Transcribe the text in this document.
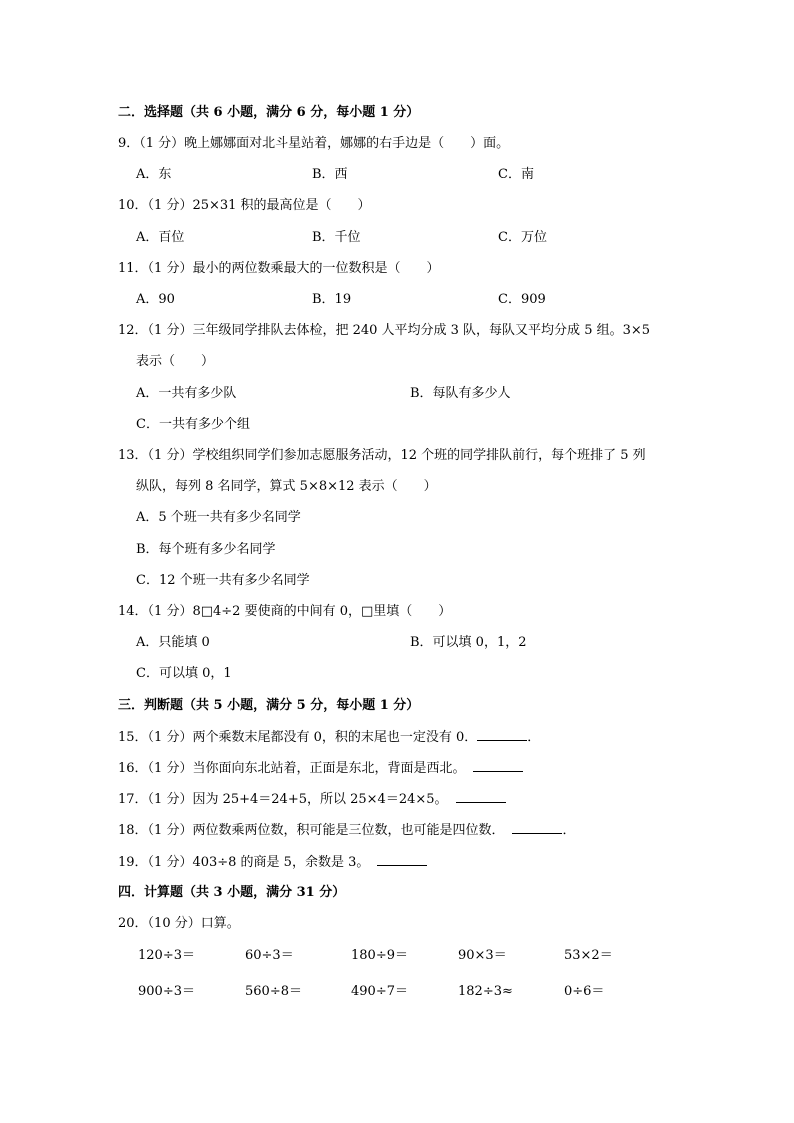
二．选择题（共 6 小题，满分 6 分，每小题 1 分）
9．（1 分）晚上娜娜面对北斗星站着，娜娜的右手边是（　　）面。
A．东	B．西	C．南
10．（1 分）25×31 积的最高位是（　　）
A．百位	B．千位	C．万位
11．（1 分）最小的两位数乘最大的一位数积是（　　）
A．90	B．19	C．909
12．（1 分）三年级同学排队去体检，把 240 人平均分成 3 队，每队又平均分成 5 组。3×5
表示（　　）
A．一共有多少队	B．每队有多少人
C．一共有多少个组
13．（1 分）学校组织同学们参加志愿服务活动，12 个班的同学排队前行，每个班排了 5 列
纵队，每列 8 名同学，算式 5×8×12 表示（　　）
A．5 个班一共有多少名同学
B．每个班有多少名同学
C．12 个班一共有多少名同学
14．（1 分）8□4÷2 要使商的中间有 0，□里填（　　）
A．只能填 0	B．可以填 0，1，2
C．可以填 0，1
三．判断题（共 5 小题，满分 5 分，每小题 1 分）
15．（1 分）两个乘数末尾都没有 0，积的末尾也一定没有 0．	．
16．（1 分）当你面向东北站着，正面是东北，背面是西北。
17．（1 分）因为 25+4＝24+5，所以 25×4＝24×5。
18．（1 分）两位数乘两位数，积可能是三位数，也可能是四位数．	．
19．（1 分）403÷8 的商是 5，余数是 3。
四．计算题（共 3 小题，满分 31 分）
20．（10 分）口算。
120÷3＝	60÷3＝	180÷9＝	90×3＝	53×2＝
900÷3＝	560÷8＝	490÷7＝	182÷3≈	0÷6＝
